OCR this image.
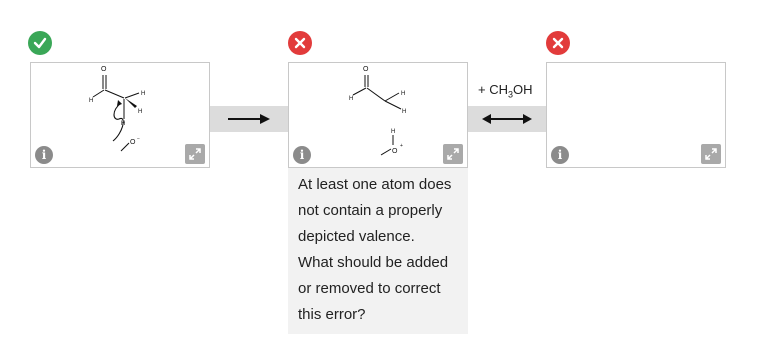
+ $CH_3OH$
O
H
H
H
H
O −
i
O
H
H
H
H
O
+
i
At least one atom does
not contain a properly
depicted valence.
What should be added
or removed to correct
this error?
i
